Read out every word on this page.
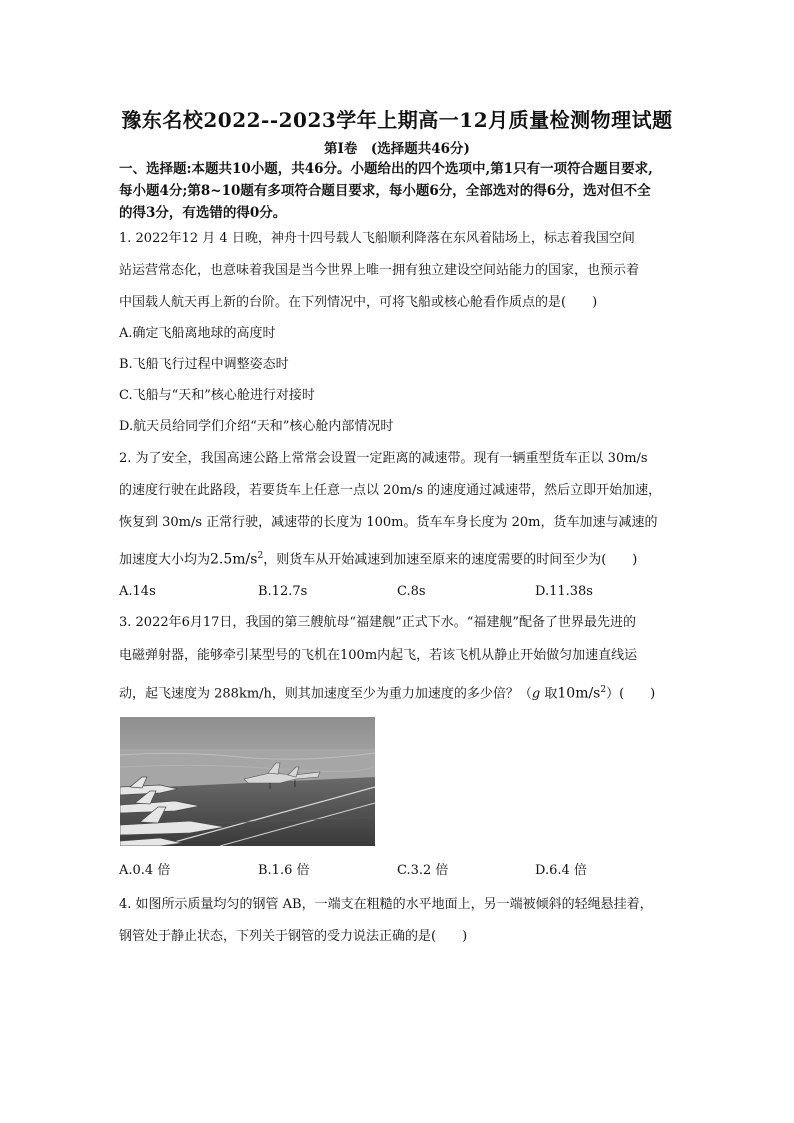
豫东名校2022--2023学年上期高一12月质量检测物理试题
第Ⅰ卷　(选择题共46分)
一、选择题:本题共10小题，共46分。小题给出的四个选项中,第1只有一项符合题目要求,
每小题4分;第8~10题有多项符合题目要求，每小题6分，全部选对的得6分，选对但不全
的得3分，有选错的得0分。
1. 2022年12 月 4 日晚，神舟十四号载人飞船顺利降落在东风着陆场上，标志着我国空间
站运营常态化，也意味着我国是当今世界上唯一拥有独立建设空间站能力的国家，也预示着
中国载人航天再上新的台阶。在下列情况中，可将飞船或核心舱看作质点的是(　　)
A.确定飞船离地球的高度时
B.飞船飞行过程中调整姿态时
C.飞船与“天和”核心舱进行对接时
D.航天员给同学们介绍“天和”核心舱内部情况时
2. 为了安全，我国高速公路上常常会设置一定距离的减速带。现有一辆重型货车正以 30m/s
的速度行驶在此路段，若要货车上任意一点以 20m/s 的速度通过减速带，然后立即开始加速，
恢复到 30m/s 正常行驶，减速带的长度为 100m。货车车身长度为 20m，货车加速与减速的
加速度大小均为$2.5m/s^2$，则货车从开始减速到加速至原来的速度需要的时间至少为(　　)
A.14s	B.12.7s	C.8s	D.11.38s
3. 2022年6月17日，我国的第三艘航母“福建舰”正式下水。“福建舰”配备了世界最先进的
电磁弹射器，能够牵引某型号的飞机在100m内起飞，若该飞机从静止开始做匀加速直线运
动，起飞速度为 288km/h，则其加速度至少为重力加速度的多少倍？（g 取$10m/s^2$）(　　)
A.0.4 倍	B.1.6 倍	C.3.2 倍	D.6.4 倍
4. 如图所示质量均匀的钢管 AB，一端支在粗糙的水平地面上，另一端被倾斜的轻绳悬挂着，
钢管处于静止状态，下列关于钢管的受力说法正确的是(　　)
